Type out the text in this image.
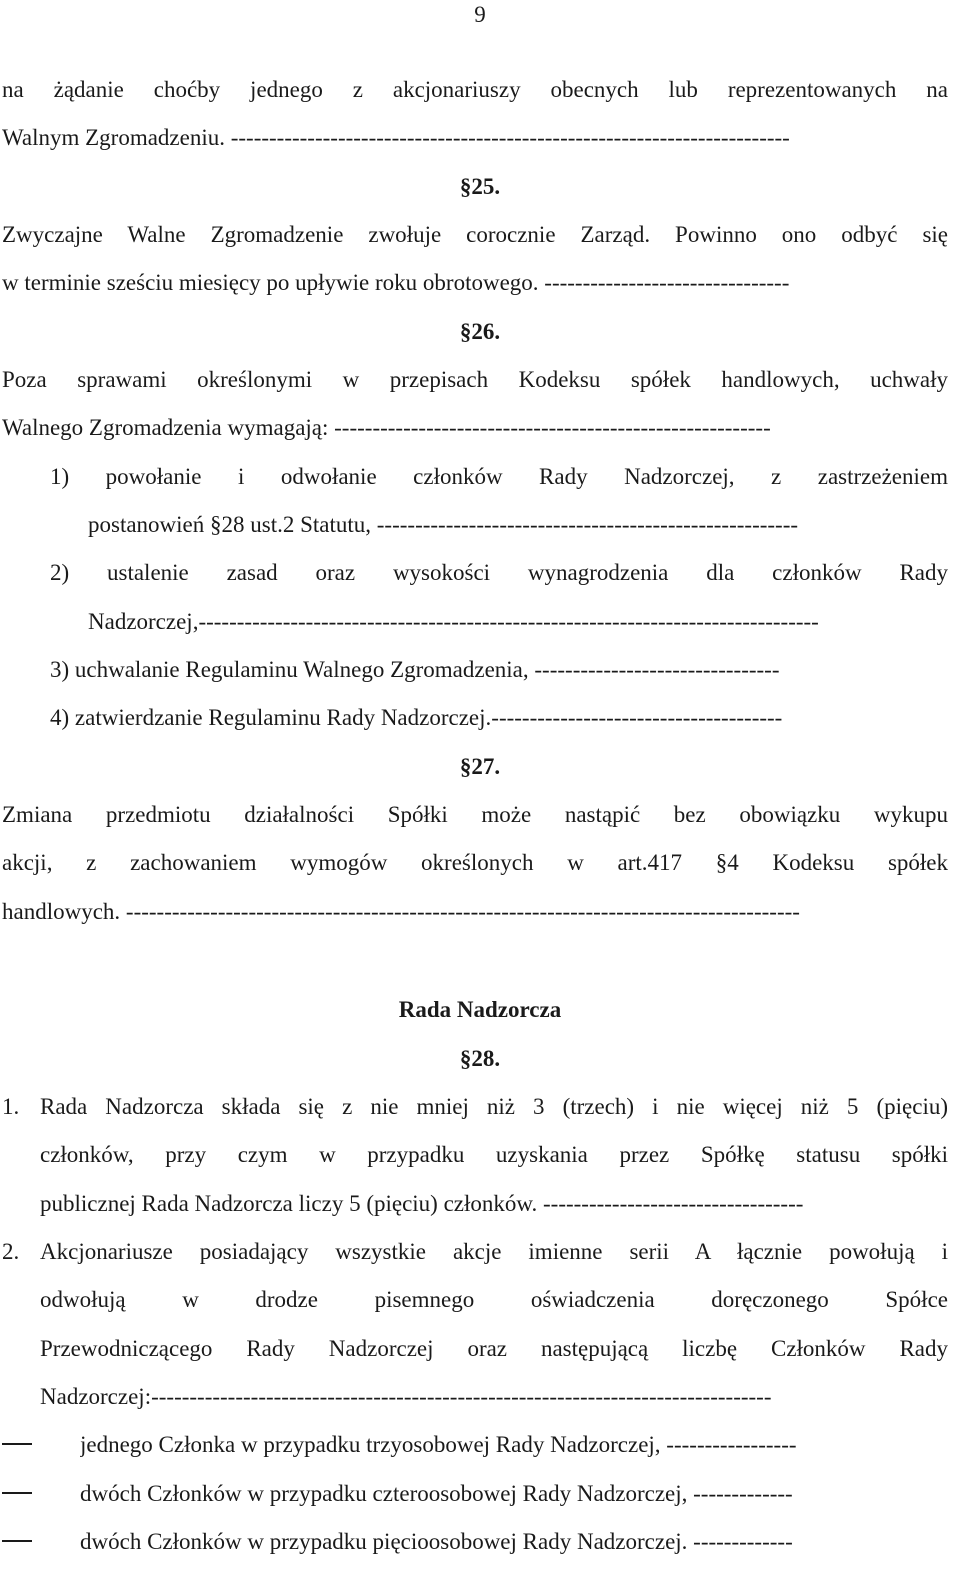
9
na żądanie choćby jednego z akcjonariuszy obecnych lub reprezentowanych na
Walnym Zgromadzeniu. -------------------------------------------------------------------------
§25.
Zwyczajne Walne Zgromadzenie zwołuje corocznie Zarząd. Powinno ono odbyć się
w terminie sześciu miesięcy po upływie roku obrotowego. --------------------------------
§26.
Poza sprawami określonymi w przepisach Kodeksu spółek handlowych, uchwały
Walnego Zgromadzenia wymagają: ---------------------------------------------------------
1) powołanie i odwołanie członków Rady Nadzorczej, z zastrzeżeniem
postanowień §28 ust.2 Statutu, -------------------------------------------------------
2) ustalenie zasad oraz wysokości wynagrodzenia dla członków Rady
Nadzorczej,---------------------------------------------------------------------------------
3) uchwalanie Regulaminu Walnego Zgromadzenia, --------------------------------
4) zatwierdzanie Regulaminu Rady Nadzorczej.--------------------------------------
§27.
Zmiana przedmiotu działalności Spółki może nastąpić bez obowiązku wykupu
akcji, z zachowaniem wymogów określonych w art.417 §4 Kodeksu spółek
handlowych. ----------------------------------------------------------------------------------------
Rada Nadzorcza
§28.
1. Rada Nadzorcza składa się z nie mniej niż 3 (trzech) i nie więcej niż 5 (pięciu)
członków, przy czym w przypadku uzyskania przez Spółkę statusu spółki
publicznej Rada Nadzorcza liczy 5 (pięciu) członków. ----------------------------------
2. Akcjonariusze posiadający wszystkie akcje imienne serii A łącznie powołują i
odwołują w drodze pisemnego oświadczenia doręczonego Spółce
Przewodniczącego Rady Nadzorczej oraz następującą liczbę Członków Rady
Nadzorczej:---------------------------------------------------------------------------------
jednego Członka w przypadku trzyosobowej Rady Nadzorczej, -----------------
dwóch Członków w przypadku czteroosobowej Rady Nadzorczej, -------------
dwóch Członków w przypadku pięcioosobowej Rady Nadzorczej. -------------
